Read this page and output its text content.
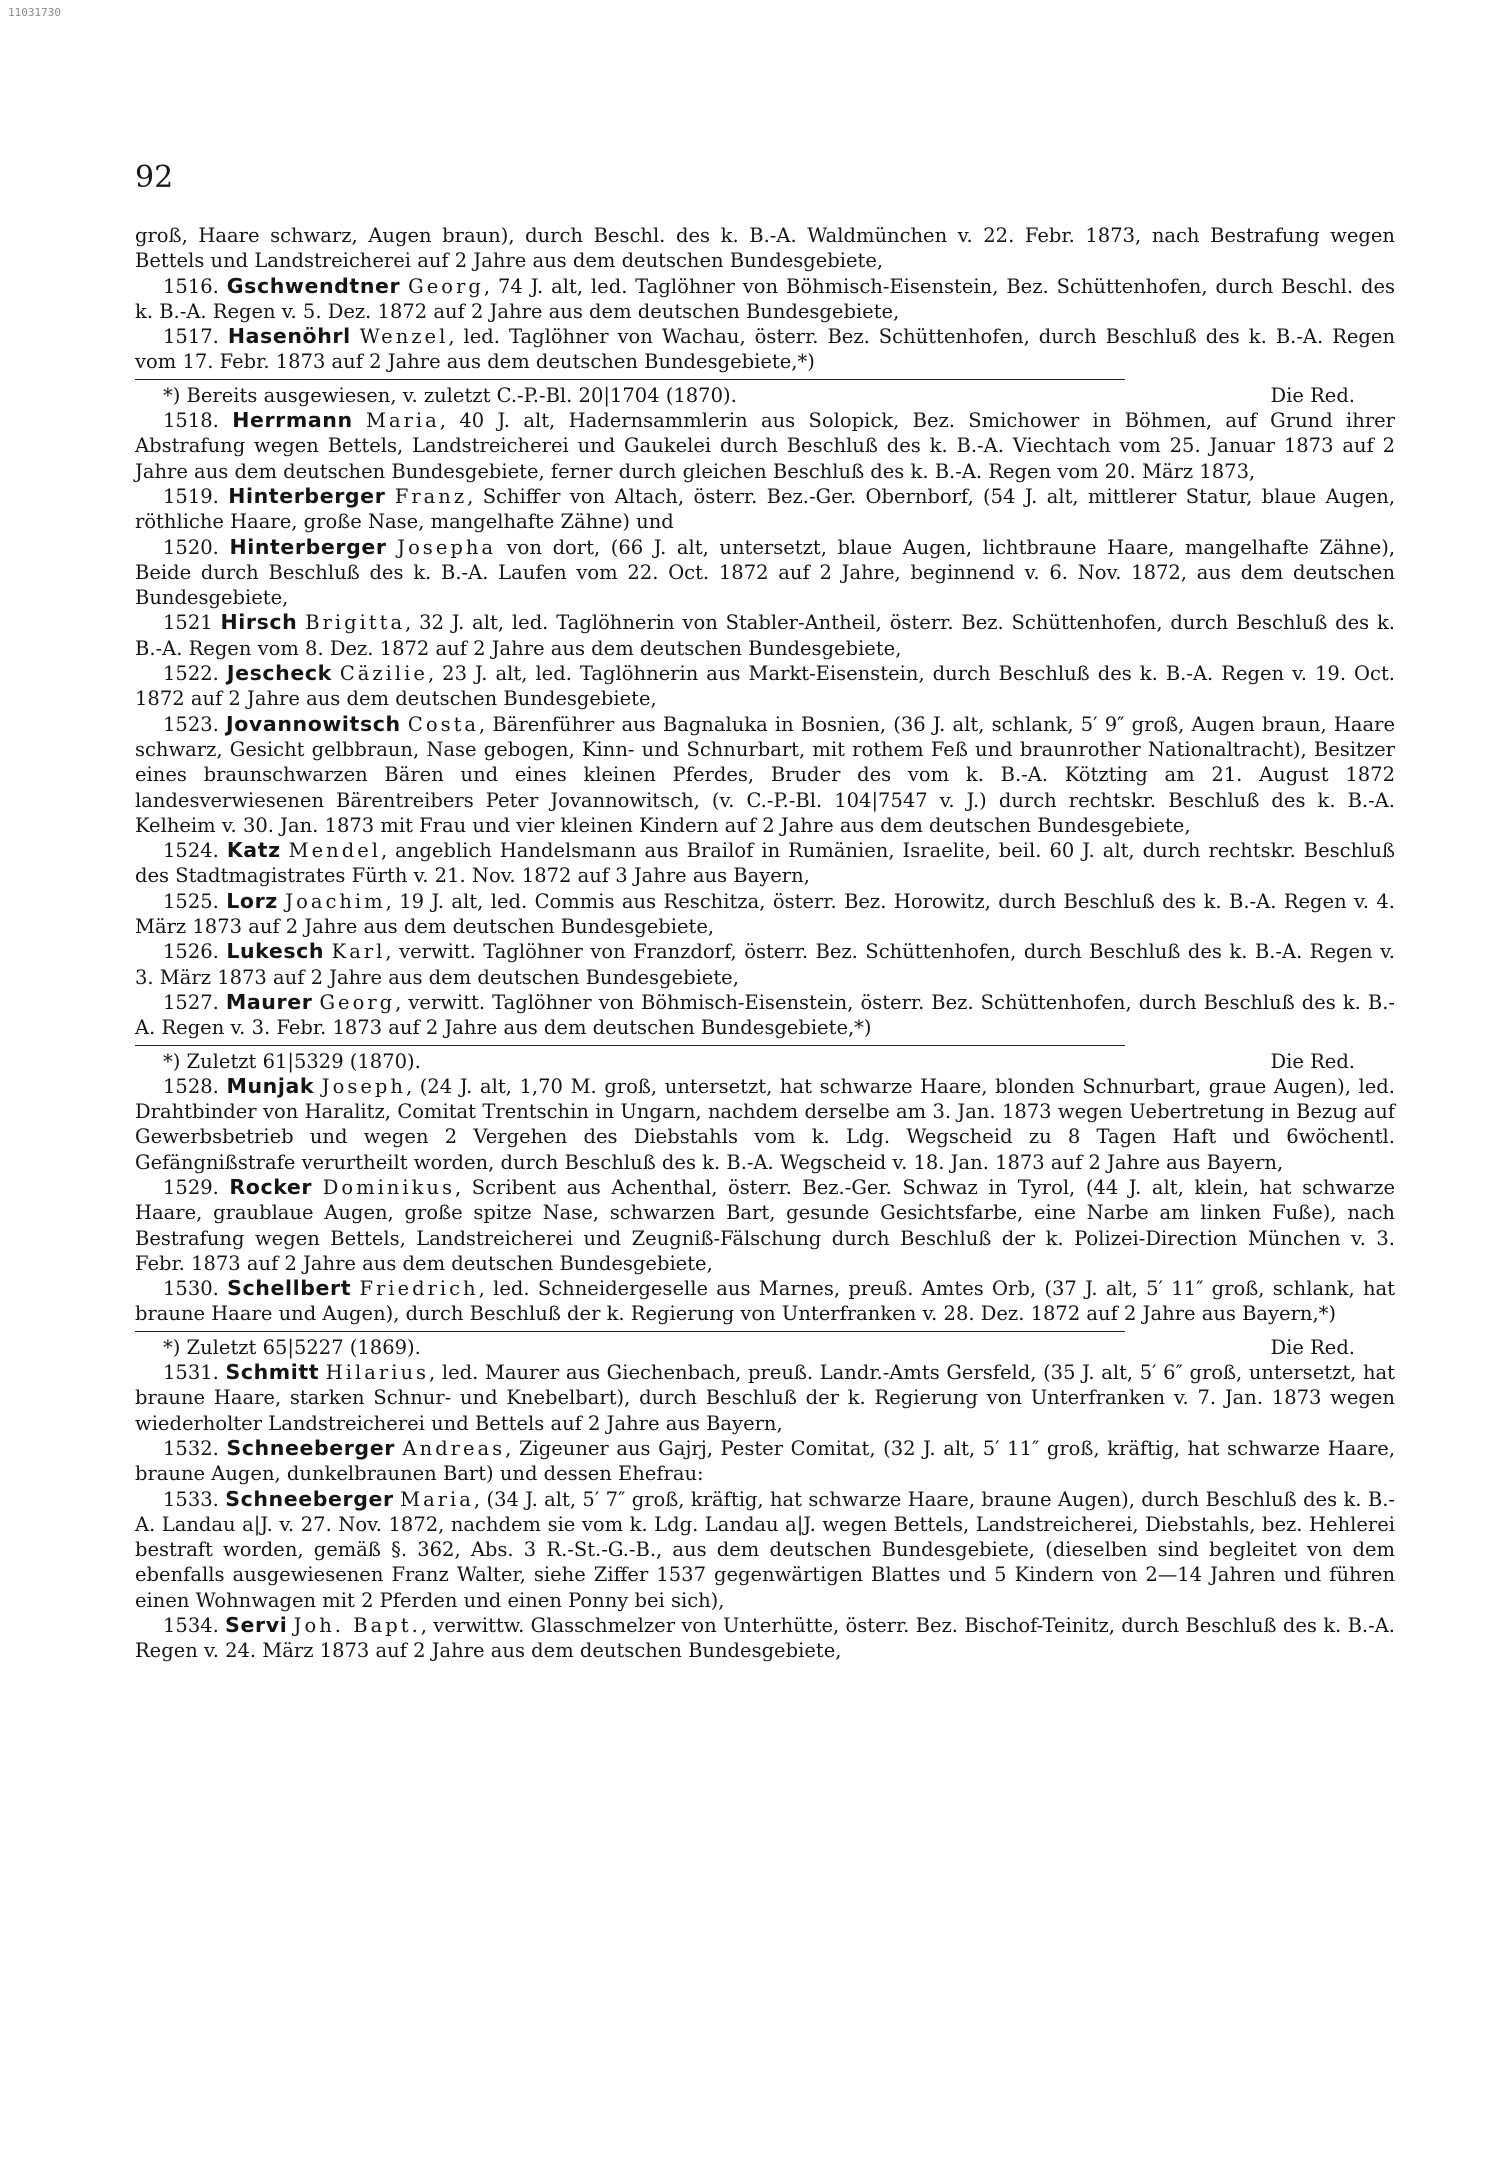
11031730
92

groß, Haare schwarz, Augen braun), durch Beschl. des k. B.-A. Waldmünchen v. 22. Febr. 1873, nach Bestrafung wegen Bettels und Landstreicherei auf 2 Jahre aus dem deutschen Bundesgebiete,

1516. Gschwendtner Georg, 74 J. alt, led. Taglöhner von Böhmisch-Eisenstein, Bez. Schüttenhofen, durch Beschl. des k. B.-A. Regen v. 5. Dez. 1872 auf 2 Jahre aus dem deutschen Bundesgebiete,

1517. Hasenöhrl Wenzel, led. Taglöhner von Wachau, österr. Bez. Schüttenhofen, durch Beschluß des k. B.-A. Regen vom 17. Febr. 1873 auf 2 Jahre aus dem deutschen Bundesgebiete,*)

*) Bereits ausgewiesen, v. zuletzt C.-P.-Bl. 20|1704 (1870).	Die Red.

1518. Herrmann Maria, 40 J. alt, Hadernsammlerin aus Solopick, Bez. Smichower in Böhmen, auf Grund ihrer Abstrafung wegen Bettels, Landstreicherei und Gaukelei durch Beschluß des k. B.-A. Viechtach vom 25. Januar 1873 auf 2 Jahre aus dem deutschen Bundesgebiete, ferner durch gleichen Beschluß des k. B.-A. Regen vom 20. März 1873,

1519. Hinterberger Franz, Schiffer von Altach, österr. Bez.-Ger. Obernborf, (54 J. alt, mittlerer Statur, blaue Augen, röthliche Haare, große Nase, mangelhafte Zähne) und

1520. Hinterberger Josepha von dort, (66 J. alt, untersetzt, blaue Augen, lichtbraune Haare, mangelhafte Zähne), Beide durch Beschluß des k. B.-A. Laufen vom 22. Oct. 1872 auf 2 Jahre, beginnend v. 6. Nov. 1872, aus dem deutschen Bundesgebiete,

1521 Hirsch Brigitta, 32 J. alt, led. Taglöhnerin von Stabler-Antheil, österr. Bez. Schüttenhofen, durch Beschluß des k. B.-A. Regen vom 8. Dez. 1872 auf 2 Jahre aus dem deutschen Bundesgebiete,

1522. Jescheck Cäzilie, 23 J. alt, led. Taglöhnerin aus Markt-Eisenstein, durch Beschluß des k. B.-A. Regen v. 19. Oct. 1872 auf 2 Jahre aus dem deutschen Bundesgebiete,

1523. Jovannowitsch Costa, Bärenführer aus Bagnaluka in Bosnien, (36 J. alt, schlank, 5′ 9″ groß, Augen braun, Haare schwarz, Gesicht gelbbraun, Nase gebogen, Kinn- und Schnurbart, mit rothem Feß und braunrother Nationaltracht), Besitzer eines braunschwarzen Bären und eines kleinen Pferdes, Bruder des vom k. B.-A. Kötzting am 21. August 1872 landesverwiesenen Bärentreibers Peter Jovannowitsch, (v. C.-P.-Bl. 104|7547 v. J.) durch rechtskr. Beschluß des k. B.-A. Kelheim v. 30. Jan. 1873 mit Frau und vier kleinen Kindern auf 2 Jahre aus dem deutschen Bundesgebiete,

1524. Katz Mendel, angeblich Handelsmann aus Brailof in Rumänien, Israelite, beil. 60 J. alt, durch rechtskr. Beschluß des Stadtmagistrates Fürth v. 21. Nov. 1872 auf 3 Jahre aus Bayern,

1525. Lorz Joachim, 19 J. alt, led. Commis aus Reschitza, österr. Bez. Horowitz, durch Beschluß des k. B.-A. Regen v. 4. März 1873 auf 2 Jahre aus dem deutschen Bundesgebiete,

1526. Lukesch Karl, verwitt. Taglöhner von Franzdorf, österr. Bez. Schüttenhofen, durch Beschluß des k. B.-A. Regen v. 3. März 1873 auf 2 Jahre aus dem deutschen Bundesgebiete,

1527. Maurer Georg, verwitt. Taglöhner von Böhmisch-Eisenstein, österr. Bez. Schüttenhofen, durch Beschluß des k. B.-A. Regen v. 3. Febr. 1873 auf 2 Jahre aus dem deutschen Bundesgebiete,*)

*) Zuletzt 61|5329 (1870).	Die Red.

1528. Munjak Joseph, (24 J. alt, 1,70 M. groß, untersetzt, hat schwarze Haare, blonden Schnurbart, graue Augen), led. Drahtbinder von Haralitz, Comitat Trentschin in Ungarn, nachdem derselbe am 3. Jan. 1873 wegen Uebertretung in Bezug auf Gewerbsbetrieb und wegen 2 Vergehen des Diebstahls vom k. Ldg. Wegscheid zu 8 Tagen Haft und 6wöchentl. Gefängnißstrafe verurtheilt worden, durch Beschluß des k. B.-A. Wegscheid v. 18. Jan. 1873 auf 2 Jahre aus Bayern,

1529. Rocker Dominikus, Scribent aus Achenthal, österr. Bez.-Ger. Schwaz in Tyrol, (44 J. alt, klein, hat schwarze Haare, graublaue Augen, große spitze Nase, schwarzen Bart, gesunde Gesichtsfarbe, eine Narbe am linken Fuße), nach Bestrafung wegen Bettels, Landstreicherei und Zeugniß-Fälschung durch Beschluß der k. Polizei-Direction München v. 3. Febr. 1873 auf 2 Jahre aus dem deutschen Bundesgebiete,

1530. Schellbert Friedrich, led. Schneidergeselle aus Marnes, preuß. Amtes Orb, (37 J. alt, 5′ 11″ groß, schlank, hat braune Haare und Augen), durch Beschluß der k. Regierung von Unterfranken v. 28. Dez. 1872 auf 2 Jahre aus Bayern,*)

*) Zuletzt 65|5227 (1869).	Die Red.

1531. Schmitt Hilarius, led. Maurer aus Giechenbach, preuß. Landr.-Amts Gersfeld, (35 J. alt, 5′ 6″ groß, untersetzt, hat braune Haare, starken Schnur- und Knebelbart), durch Beschluß der k. Regierung von Unterfranken v. 7. Jan. 1873 wegen wiederholter Landstreicherei und Bettels auf 2 Jahre aus Bayern,

1532. Schneeberger Andreas, Zigeuner aus Gajrj, Pester Comitat, (32 J. alt, 5′ 11″ groß, kräftig, hat schwarze Haare, braune Augen, dunkelbraunen Bart) und dessen Ehefrau:

1533. Schneeberger Maria, (34 J. alt, 5′ 7″ groß, kräftig, hat schwarze Haare, braune Augen), durch Beschluß des k. B.-A. Landau a|J. v. 27. Nov. 1872, nachdem sie vom k. Ldg. Landau a|J. wegen Bettels, Landstreicherei, Diebstahls, bez. Hehlerei bestraft worden, gemäß §. 362, Abs. 3 R.-St.-G.-B., aus dem deutschen Bundesgebiete, (dieselben sind begleitet von dem ebenfalls ausgewiesenen Franz Walter, siehe Ziffer 1537 gegenwärtigen Blattes und 5 Kindern von 2—14 Jahren und führen einen Wohnwagen mit 2 Pferden und einen Ponny bei sich),

1534. Servi Joh. Bapt., verwittw. Glasschmelzer von Unterhütte, österr. Bez. Bischof-Teinitz, durch Beschluß des k. B.-A. Regen v. 24. März 1873 auf 2 Jahre aus dem deutschen Bundesgebiete,
